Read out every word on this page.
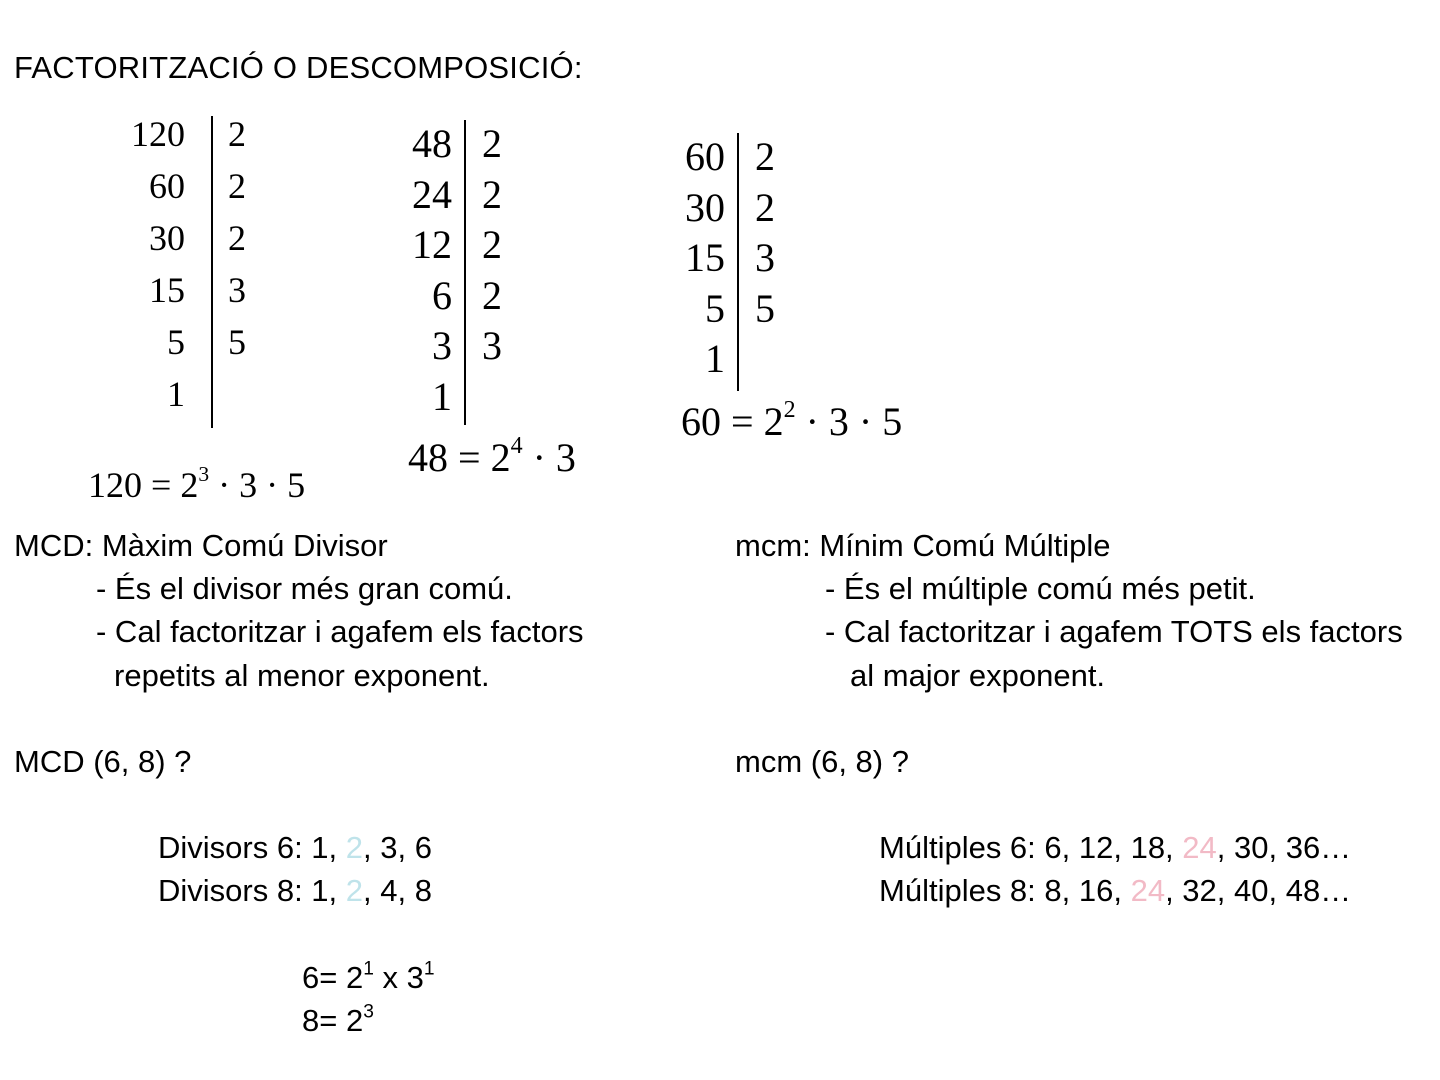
FACTORITZACIÓ O DESCOMPOSICIÓ:
120 2
60 2
30 2
15 3
5 5
1
48 2
24 2
12 2
6 2
3 3
1
60 2
30 2
15 3
5 5
1
$120 = 2^3 \cdot 3 \cdot 5$
$48 = 2^4 \cdot 3$
$60 = 2^2 \cdot 3 \cdot 5$
MCD: Màxim Comú Divisor
- És el divisor més gran comú.
- Cal factoritzar i agafem els factors
repetits al menor exponent.
MCD (6, 8) ?
Divisors 6: 1, 2, 3, 6
Divisors 8: 1, 2, 4, 8
$6= 2^1$ x $3^1$
$8= 2^3$
mcm: Mínim Comú Múltiple
- És el múltiple comú més petit.
- Cal factoritzar i agafem TOTS els factors
al major exponent.
mcm (6, 8) ?
Múltiples 6: 6, 12, 18, 24, 30, 36…
Múltiples 8: 8, 16, 24, 32, 40, 48…
